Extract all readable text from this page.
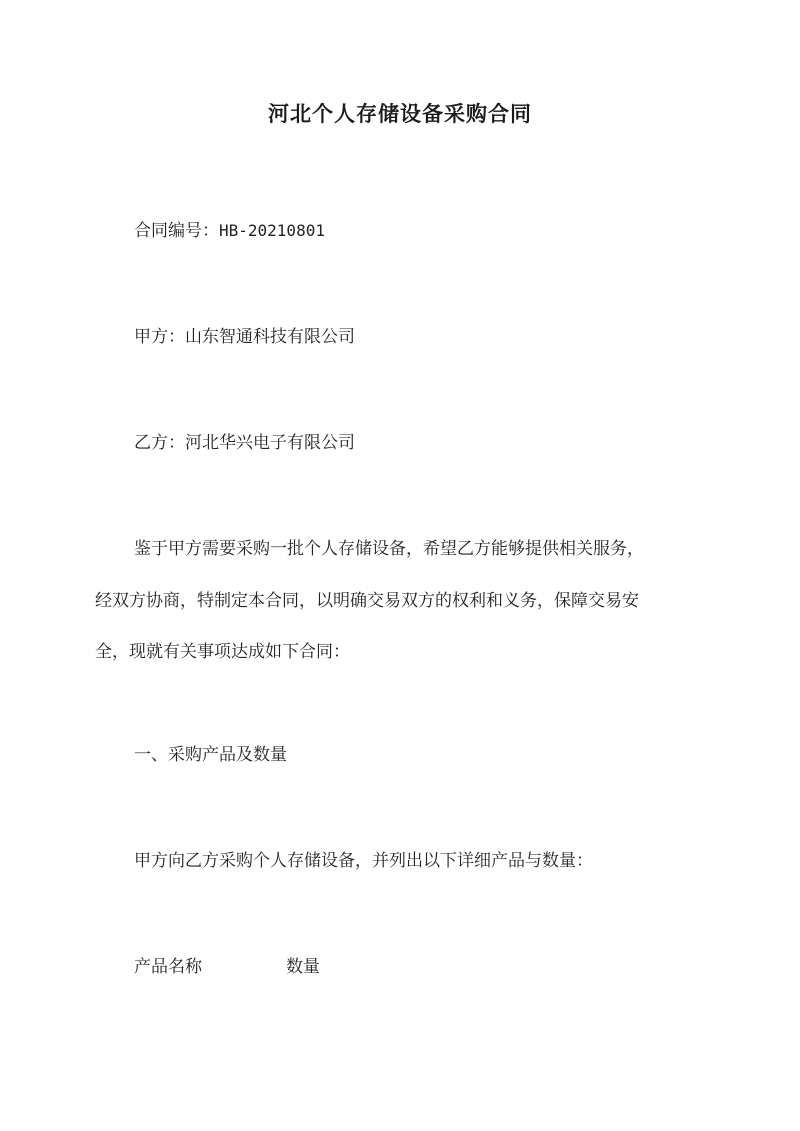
河北个人存储设备采购合同
合同编号：HB-20210801
甲方：山东智通科技有限公司
乙方：河北华兴电子有限公司
鉴于甲方需要采购一批个人存储设备，希望乙方能够提供相关服务，
经双方协商，特制定本合同，以明确交易双方的权利和义务，保障交易安
全，现就有关事项达成如下合同：
一、采购产品及数量
甲方向乙方采购个人存储设备，并列出以下详细产品与数量：
产品名称	数量
